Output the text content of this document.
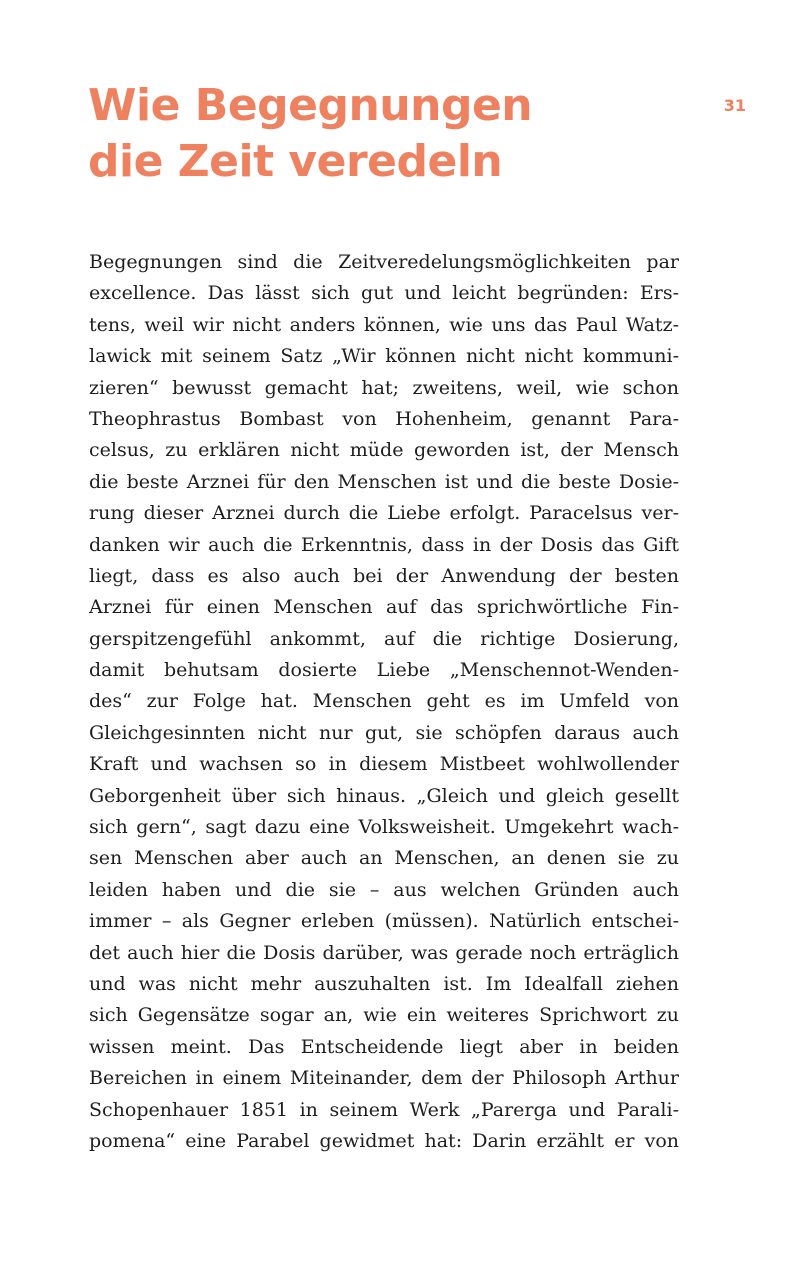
Wie Begegnungen
die Zeit veredeln
31
Begegnungen sind die Zeitveredelungsmöglichkeiten par
excellence. Das lässt sich gut und leicht begründen: Ers-
tens, weil wir nicht anders können, wie uns das Paul Watz-
lawick mit seinem Satz „Wir können nicht nicht kommuni-
zieren“ bewusst gemacht hat; zweitens, weil, wie schon
Theophrastus Bombast von Hohenheim, genannt Para-
celsus, zu erklären nicht müde geworden ist, der Mensch
die beste Arznei für den Menschen ist und die beste Dosie-
rung dieser Arznei durch die Liebe erfolgt. Paracelsus ver-
danken wir auch die Erkenntnis, dass in der Dosis das Gift
liegt, dass es also auch bei der Anwendung der besten
Arznei für einen Menschen auf das sprichwörtliche Fin-
gerspitzengefühl ankommt, auf die richtige Dosierung,
damit behutsam dosierte Liebe „Menschennot-Wenden-
des“ zur Folge hat. Menschen geht es im Umfeld von
Gleichgesinnten nicht nur gut, sie schöpfen daraus auch
Kraft und wachsen so in diesem Mistbeet wohlwollender
Geborgenheit über sich hinaus. „Gleich und gleich gesellt
sich gern“, sagt dazu eine Volksweisheit. Umgekehrt wach-
sen Menschen aber auch an Menschen, an denen sie zu
leiden haben und die sie – aus welchen Gründen auch
immer – als Gegner erleben (müssen). Natürlich entschei-
det auch hier die Dosis darüber, was gerade noch erträglich
und was nicht mehr auszuhalten ist. Im Idealfall ziehen
sich Gegensätze sogar an, wie ein weiteres Sprichwort zu
wissen meint. Das Entscheidende liegt aber in beiden
Bereichen in einem Miteinander, dem der Philosoph Arthur
Schopenhauer 1851 in seinem Werk „Parerga und Parali-
pomena“ eine Parabel gewidmet hat: Darin erzählt er von
